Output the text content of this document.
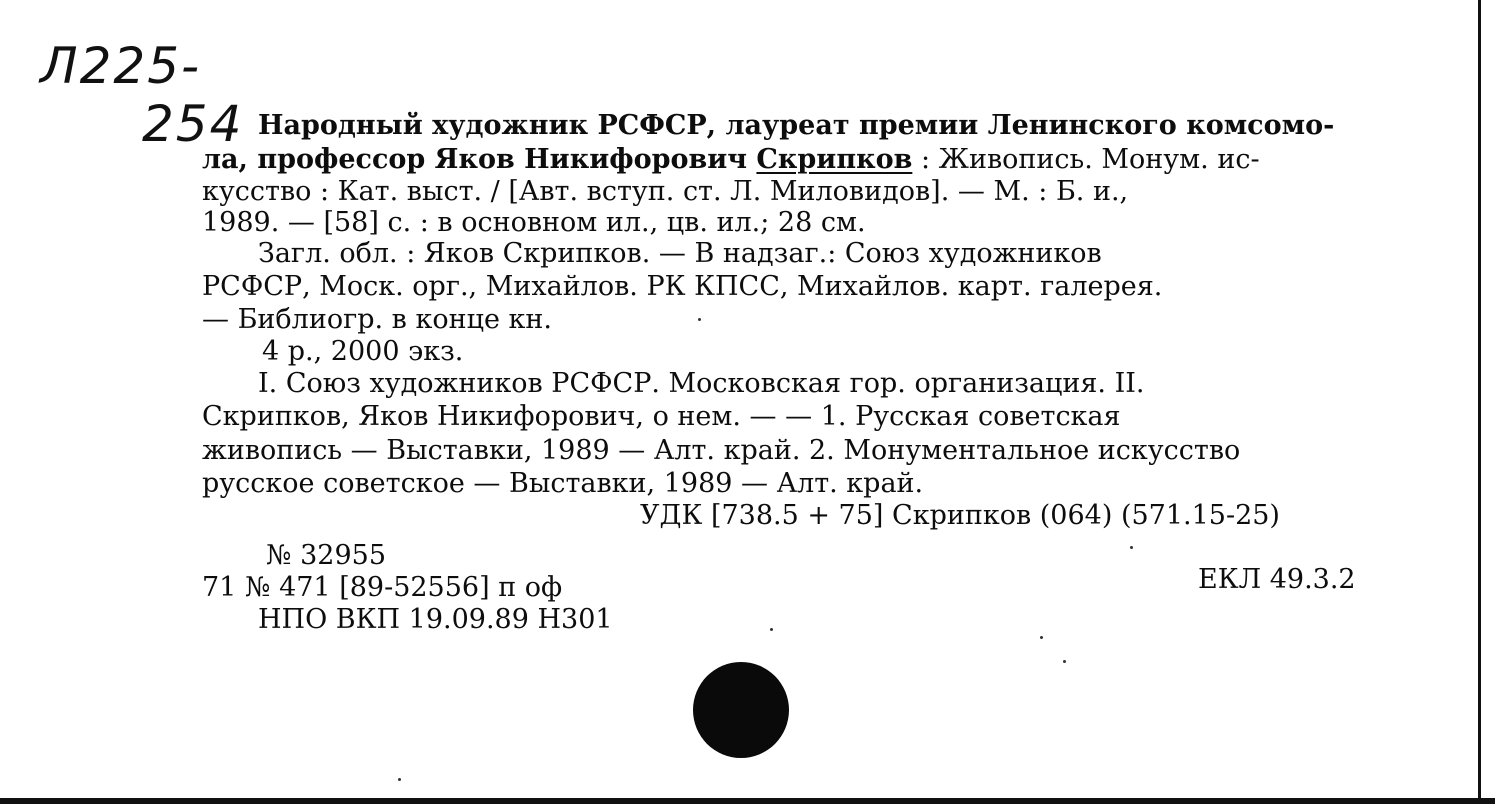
Л225-
254 Народный художник РСФСР, лауреат премии Ленинского комсомо-
ла, профессор Яков Никифорович Скрипков : Живопись. Монум. ис-
кусство : Кат. выст. / [Авт. вступ. ст. Л. Миловидов]. — М. : Б. и.,
1989. — [58] с. : в основном ил., цв. ил.; 28 см.
Загл. обл. : Яков Скрипков. — В надзаг.: Союз художников
РСФСР, Моск. орг., Михайлов. РК КПСС, Михайлов. карт. галерея.
— Библиогр. в конце кн.
4 р., 2000 экз.
I. Союз художников РСФСР. Московская гор. организация. II.
Скрипков, Яков Никифорович, о нем. — — 1. Русская советская
живопись — Выставки, 1989 — Алт. край. 2. Монументальное искусство
русское советское — Выставки, 1989 — Алт. край.
УДК [738.5 + 75] Скрипков (064) (571.15-25)
№ 32955
71 № 471 [89-52556] п оф	ЕКЛ 49.3.2
НПО ВКП 19.09.89 Н301
